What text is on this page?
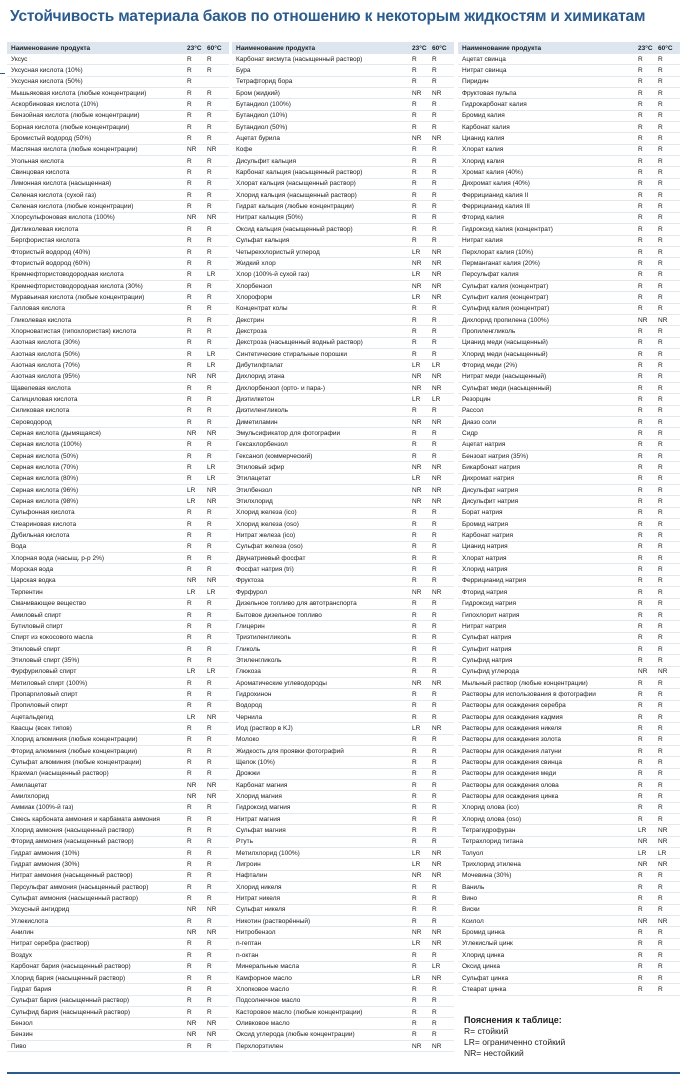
Устойчивость материала баков по отношению к некоторым жидкостям и химикатам
Наименование продукта	23°C 60°C
Уксус	R	R
Уксусная кислота (10%)	R	R
Уксусная кислота (50%)	R
Мышьяковая кислота (любые концентрации)	R	R
Аскорбиновая кислота (10%)	R	R
Бензойная кислота (любые концентрации)	R	R
Борная кислота (любые концентрации)	R	R
Бромистый водород (50%)	R	R
Масляная кислота (любые концентрации)	NR	NR
Угольная кислота	R	R
Свинцовая кислота	R	R
Лимонная кислота (насыщенная)	R	R
Селеная кислота (сухой газ)	R	R
Селеная кислота (любые концентрации)	R	R
Хлорсульфоновая кислота (100%)	NR	NR
Дигликолевая кислота	R	R
Бергфористая кислота	R	R
Фтористый водород (40%)	R	R
Фтористый водород (60%)	R	R
Кремнефтористоводородная кислота	R	LR
Кремнефтористоводородная кислота (30%)	R	R
Муравьиная кислота (любые концентрации)	R	R
Галловая кислота	R	R
Гликолевая кислота	R	R
Хлорноватистая (гипохлористая) кислота	R	R
Азотная кислота (30%)	R	R
Азотная кислота (50%)	R	LR
Азотная кислота (70%)	R	LR
Азотная кислота (95%)	NR	NR
Щавелевая кислота	R	R
Салициловая кислота	R	R
Силиковая кислота	R	R
Сероводород	R	R
Серная кислота (дымящаяся)	NR	NR
Серная кислота (100%)	R	R
Серная кислота (50%)	R	R
Серная кислота (70%)	R	LR
Серная кислота (80%)	R	LR
Серная кислота (96%)	LR	NR
Серная кислота (98%)	LR	NR
Сульфонная кислота	R	R
Стеариновая кислота	R	R
Дубильная кислота	R	R
Вода	R	R
Хлорная вода (насыщ. р-р 2%)	R	R
Морская вода	R	R
Царская водка	NR	NR
Терпентин	LR	LR
Смачивающее вещество	R	R
Амиловый спирт	R	R
Бутиловый спирт	R	R
Спирт из кокосового масла	R	R
Этиловый спирт	R	R
Этиловый спирт (35%)	R	R
Фурфуриловый спирт	LR	LR
Метиловый спирт (100%)	R	R
Пропаргиловый спирт	R	R
Пропиловый спирт	R	R
Ацетальдегид	LR	NR
Квасцы (всех типов)	R	R
Хлорид алюминия (любые концентрации)	R	R
Фторид алюминия (любые концентрации)	R	R
Сульфат алюминия (любые концентрации)	R	R
Крахмал (насыщенный раствор)	R	R
Амилацетат	NR	NR
Амилхлорид	NR	NR
Аммиак (100%-й газ)	R	R
Смесь карбоната аммония и карбамата аммония	R	R
Хлорид аммония (насыщенный раствор)	R	R
Фторид аммония (насыщенный раствор)	R	R
Гидрат аммония (10%)	R	R
Гидрат аммония (30%)	R	R
Нитрат аммония (насыщенный раствор)	R	R
Персульфат аммония (насыщенный раствор)	R	R
Сульфат аммония (насыщенный раствор)	R	R
Уксусный ангидрид	NR	NR
Углекислота	R	R
Анилин	NR	NR
Нитрат серебра (раствор)	R	R
Воздух	R	R
Карбонат бария (насыщенный раствор)	R	R
Хлорид бария (насыщенный раствор)	R	R
Гидрат бария	R	R
Сульфат бария (насыщенный раствор)	R	R
Сульфид бария (насыщенный раствор)	R	R
Бензол	NR	NR
Бензин	NR	NR
Пиво	R	R
Наименование продукта	23°C 60°C
Карбонат висмута (насыщенный раствор)	R	R
Бура	R	R
Тетрафторид бора	R	R
Бром (жидкий)	NR	NR
Бутандиол (100%)	R	R
Бутандиол (10%)	R	R
Бутандиол (50%)	R	R
Ацетат бурила	NR	NR
Кофе	R	R
Дисульфит кальция	R	R
Карбонат кальция (насыщенный раствор)	R	R
Хлорат кальция (насыщенный раствор)	R	R
Хлорид кальция (насыщенный раствор)	R	R
Гидрат кальция (любые концентрации)	R	R
Нитрат кальция (50%)	R	R
Оксид кальция (насыщенный раствор)	R	R
Сульфат кальция	R	R
Четыреххлористый углерод	LR	NR
Жидкий хлор	NR	NR
Хлор (100%-й сухой газ)	LR	NR
Хлорбензол	NR	NR
Хлороформ	LR	NR
Концентрат колы	R	R
Декстрин	R	R
Декстроза	R	R
Декстроза (насыщенный водный раствор)	R	R
Синтетические стиральные порошки	R	R
Дибутилфталат	LR	LR
Дихлорид этана	NR	NR
Дихлорбензол (орто- и пара-)	NR	NR
Диэтилкетон	LR	LR
Диэтиленгликоль	R	R
Диметиламин	NR	NR
Эмульсификатор для фотографии	R	R
Гексахлорбензол	R	R
Гексанол (коммерческий)	R	R
Этиловый эфир	NR	NR
Этилацетат	LR	NR
Этилбензол	NR	NR
Этилхлорид	NR	NR
Хлорид железа (ico)	R	R
Хлорид железа (oso)	R	R
Нитрат железа (ico)	R	R
Сульфат железа (oso)	R	R
Двунатриевый фосфат	R	R
Фосфат натрия (tri)	R	R
Фруктоза	R	R
Фурфурол	NR	NR
Дизельное топливо для автотранспорта	R	R
Бытовое дизельное топливо	R	R
Глицерин	R	R
Триэтиленгликоль	R	R
Гликоль	R	R
Этиленгликоль	R	R
Глюкоза	R	R
Ароматические углеводороды	NR	NR
Гидрохинон	R	R
Водород	R	R
Чернила	R	R
Йод (раствор в KJ)	LR	NR
Молоко	R	R
Жидкость для проявки фотографий	R	R
Щелок (10%)	R	R
Дрожжи	R	R
Карбонат магния	R	R
Хлорид магния	R	R
Гидроксид магния	R	R
Нитрат магния	R	R
Сульфат магния	R	R
Ртуть	R	R
Метилхлорид (100%)	LR	NR
Лигроин	LR	NR
Нафталин	NR	NR
Хлорид никеля	R	R
Нитрат никеля	R	R
Сульфат никеля	R	R
Никотин (растворённый)	R	R
Нитробензол	NR	NR
n-гептан	LR	NR
n-октан	R	R
Минеральные масла	R	LR
Камфорное масло	LR	NR
Хлопковое масло	R	R
Подсолнечное масло	R	R
Касторовое масло (любые концентрации)	R	R
Оливковое масло	R	R
Оксид углерода (любые концентрации)	R	R
Перхлорэтилен	NR	NR
Наименование продукта	23°C 60°C
Ацетат свинца	R	R
Нитрат свинца	R	R
Пиридин	R	R
Фруктовая пульпа	R	R
Гидрокарбонат калия	R	R
Бромид калия	R	R
Карбонат калия	R	R
Цианид калия	R	R
Хлорат калия	R	R
Хлорид калия	R	R
Хромат калия (40%)	R	R
Дихромат калия (40%)	R	R
Феррицианид калия II	R	R
Феррицианид калия III	R	R
Фторид калия	R	R
Гидроксид калия (концентрат)	R	R
Нитрат калия	R	R
Перхлорат калия (10%)	R	R
Перманганат калия (20%)	R	R
Персульфат калия	R	R
Сульфат калия (концентрат)	R	R
Сульфит калия (концентрат)	R	R
Сульфид калия (концентрат)	R	R
Дихлорид пропилена (100%)	NR	NR
Пропиленгликоль	R	R
Цианид меди (насыщенный)	R	R
Хлорид меди (насыщенный)	R	R
Фторид меди (2%)	R	R
Нитрат меди (насыщенный)	R	R
Сульфат меди (насыщенный)	R	R
Резорцин	R	R
Рассол	R	R
Диазо соли	R	R
Сидр	R	R
Ацетат натрия	R	R
Бензоат натрия (35%)	R	R
Бикарбонат натрия	R	R
Дихромат натрия	R	R
Дисульфат натрия	R	R
Дисульфит натрия	R	R
Борат натрия	R	R
Бромид натрия	R	R
Карбонат натрия	R	R
Цианид натрия	R	R
Хлорат натрия	R	R
Хлорид натрия	R	R
Феррицианид натрия	R	R
Фторид натрия	R	R
Гидроксид натрия	R	R
Гипохлорит натрия	R	R
Нитрат натрия	R	R
Сульфат натрия	R	R
Сульфит натрия	R	R
Сульфид натрия	R	R
Сульфид углерода	NR	NR
Мыльный раствор (любые концентрации)	R	R
Растворы для использования в фотографии	R	R
Растворы для осаждения серебра	R	R
Растворы для осаждения кадмия	R	R
Растворы для осаждения никеля	R	R
Растворы для осаждения золота	R	R
Растворы для осаждения латуни	R	R
Растворы для осаждения свинца	R	R
Растворы для осаждения меди	R	R
Растворы для осаждения олова	R	R
Растворы для осаждения цинка	R	R
Хлорид олова (ico)	R	R
Хлорид олова (oso)	R	R
Тетрагидрофуран	LR	NR
Тетрахлорид титана	NR	NR
Толуол	LR	LR
Трихлорид этилена	NR	NR
Мочевина (30%)	R	R
Ваниль	R	R
Вино	R	R
Виски	R	R
Ксилол	NR	NR
Бромид цинка	R	R
Углекислый цинк	R	R
Хлорид цинка	R	R
Оксид цинка	R	R
Сульфат цинка	R	R
Стеарат цинка	R	R
Пояснения к таблице:
R= стойкий
LR= ограниченно стойкий
NR= нестойкий
